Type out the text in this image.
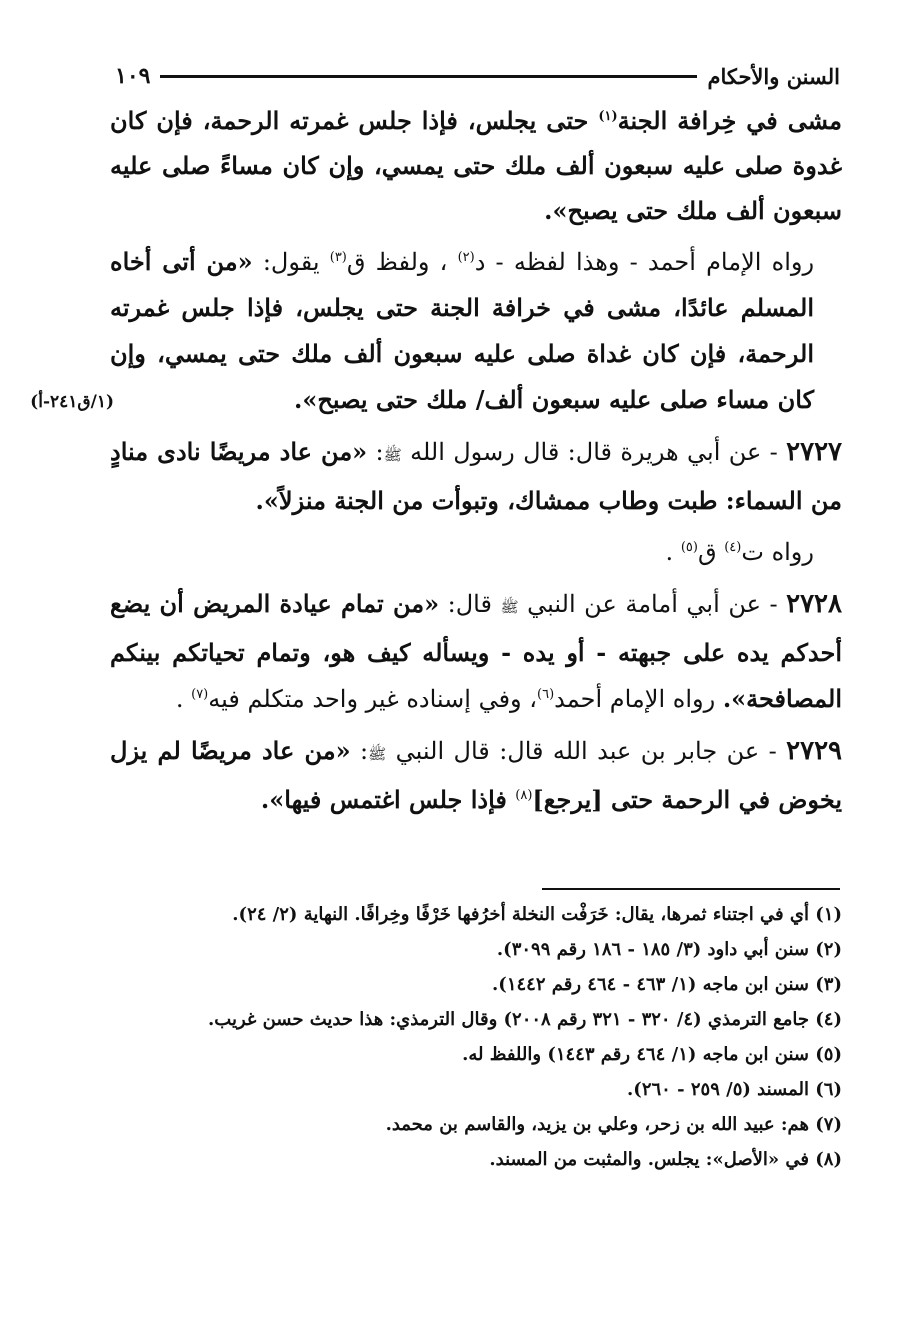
السنن والأحكام
١٠٩
(١/ق٢٤١-أ)

مشى في خِرافة الجنة$^{(١)}$ حتى يجلس، فإذا جلس غمرته الرحمة، فإن كان غدوة صلى عليه سبعون ألف ملك حتى يمسي، وإن كان مساءً صلى عليه سبعون ألف ملك حتى يصبح».

رواه الإمام أحمد - وهذا لفظه - د$^{(٢)}$ ، ولفظ ق$^{(٣)}$ يقول: «من أتى أخاه المسلم عائدًا، مشى في خرافة الجنة حتى يجلس، فإذا جلس غمرته الرحمة، فإن كان غداة صلى عليه سبعون ألف ملك حتى يمسي، وإن كان مساء صلى عليه سبعون ألف/ ملك حتى يصبح».

٢٧٢٧ - عن أبي هريرة قال: قال رسول الله ﷺ: «من عاد مريضًا نادى منادٍ من السماء: طبت وطاب ممشاك، وتبوأت من الجنة منزلاً».

رواه ت$^{(٤)}$ ق$^{(٥)}$ .

٢٧٢٨ - عن أبي أمامة عن النبي ﷺ قال: «من تمام عيادة المريض أن يضع أحدكم يده على جبهته - أو يده - ويسأله كيف هو، وتمام تحياتكم بينكم المصافحة». رواه الإمام أحمد$^{(٦)}$، وفي إسناده غير واحد متكلم فيه$^{(٧)}$ .

٢٧٢٩ - عن جابر بن عبد الله قال: قال النبي ﷺ: «من عاد مريضًا لم يزل يخوض في الرحمة حتى [يرجع]$^{(٨)}$ فإذا جلس اغتمس فيها».

(١) أي في اجتناء ثمرها، يقال: خَرَفْت النخلة أخرُفها خَرْفًا وخِرافًا. النهاية (٢/ ٢٤).

(٢) سنن أبي داود (٣/ ١٨٥ - ١٨٦ رقم ٣٠٩٩).

(٣) سنن ابن ماجه (١/ ٤٦٣ - ٤٦٤ رقم ١٤٤٢).

(٤) جامع الترمذي (٤/ ٣٢٠ - ٣٢١ رقم ٢٠٠٨) وقال الترمذي: هذا حديث حسن غريب.

(٥) سنن ابن ماجه (١/ ٤٦٤ رقم ١٤٤٣) واللفظ له.

(٦) المسند (٥/ ٢٥٩ - ٢٦٠).

(٧) هم: عبيد الله بن زحر، وعلي بن يزيد، والقاسم بن محمد.

(٨) في «الأصل»: يجلس. والمثبت من المسند.
